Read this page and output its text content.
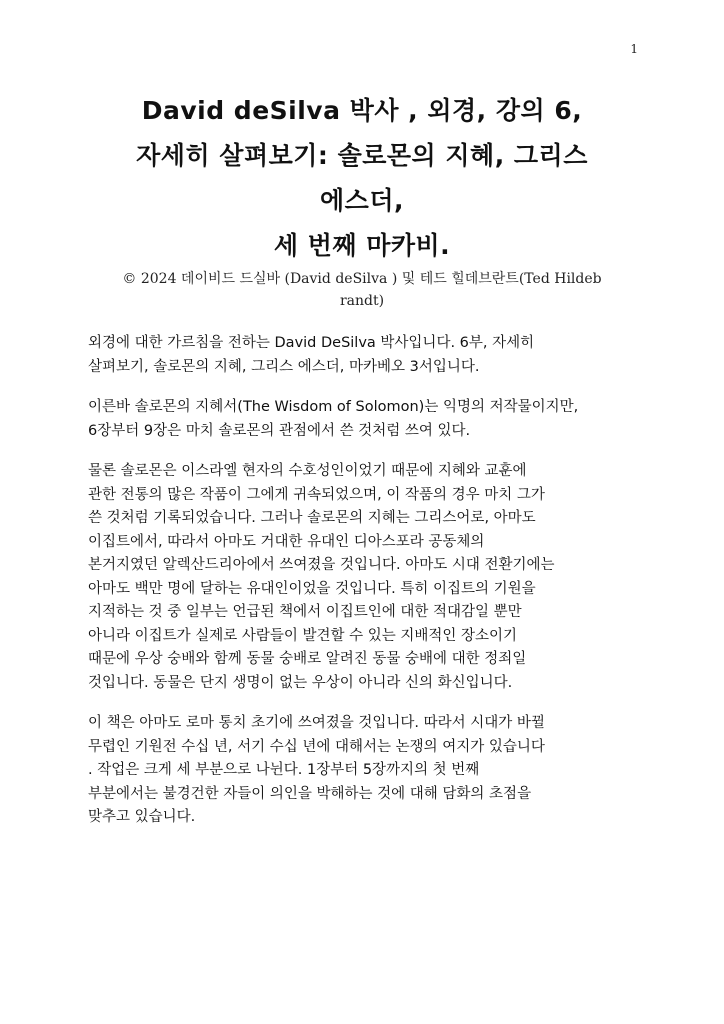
1
David deSilva 박사 , 외경, 강의 6,
자세히 살펴보기: 솔로몬의 지혜, 그리스
에스더,
세 번째 마카비.
© 2024 데이비드 드실바 (David deSilva ) 및 테드 힐데브란트(Ted Hildeb
randt)

외경에 대한 가르침을 전하는 David DeSilva 박사입니다. 6부, 자세히
살펴보기, 솔로몬의 지혜, 그리스 에스더, 마카베오 3서입니다.

이른바 솔로몬의 지혜서(The Wisdom of Solomon)는 익명의 저작물이지만,
6장부터 9장은 마치 솔로몬의 관점에서 쓴 것처럼 쓰여 있다.

물론 솔로몬은 이스라엘 현자의 수호성인이었기 때문에 지혜와 교훈에
관한 전통의 많은 작품이 그에게 귀속되었으며, 이 작품의 경우 마치 그가
쓴 것처럼 기록되었습니다. 그러나 솔로몬의 지혜는 그리스어로, 아마도
이집트에서, 따라서 아마도 거대한 유대인 디아스포라 공동체의
본거지였던 알렉산드리아에서 쓰여졌을 것입니다. 아마도 시대 전환기에는
아마도 백만 명에 달하는 유대인이었을 것입니다. 특히 이집트의 기원을
지적하는 것 중 일부는 언급된 책에서 이집트인에 대한 적대감일 뿐만
아니라 이집트가 실제로 사람들이 발견할 수 있는 지배적인 장소이기
때문에 우상 숭배와 함께 동물 숭배로 알려진 동물 숭배에 대한 정죄일
것입니다. 동물은 단지 생명이 없는 우상이 아니라 신의 화신입니다.

이 책은 아마도 로마 통치 초기에 쓰여졌을 것입니다. 따라서 시대가 바뀔
무렵인 기원전 수십 년, 서기 수십 년에 대해서는 논쟁의 여지가 있습니다
. 작업은 크게 세 부분으로 나뉜다. 1장부터 5장까지의 첫 번째
부분에서는 불경건한 자들이 의인을 박해하는 것에 대해 담화의 초점을
맞추고 있습니다.
